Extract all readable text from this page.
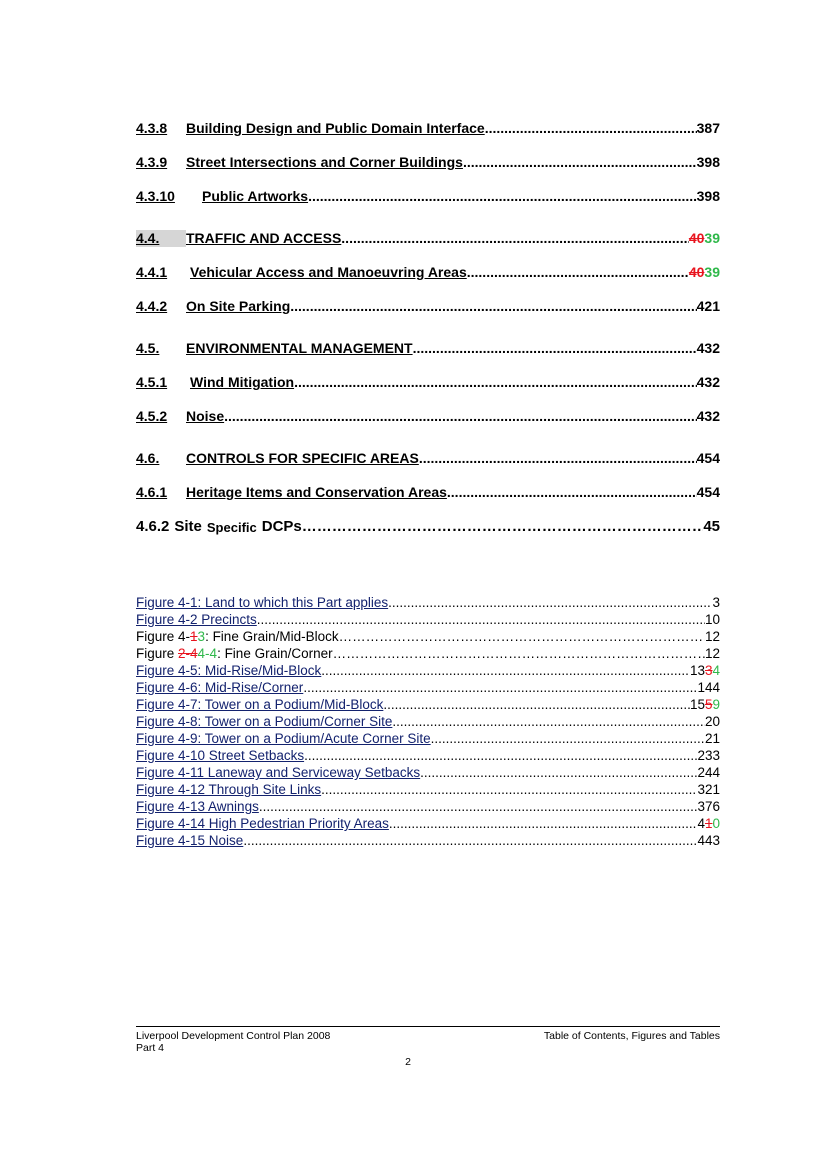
4.3.8	Building Design and Public Domain Interface .....	387
4.3.9	Street Intersections and Corner Buildings .....	398
4.3.10	Public Artworks .....	398
4.4.	TRAFFIC AND ACCESS .....	4039
4.4.1	Vehicular Access and Manoeuvring Areas .....	4039
4.4.2	On Site Parking .....	421
4.5.	ENVIRONMENTAL MANAGEMENT .....	432
4.5.1	Wind Mitigation .....	432
4.5.2	Noise .....	432
4.6.	CONTROLS FOR SPECIFIC AREAS .....	454
4.6.1	Heritage Items and Conservation Areas .....	454
4.6.2 Site Specific DCPs ……………………………………………………………………………………………………………………………………	45
Figure 4-1: Land to which this Part applies .....	3
Figure 4-2 Precincts .....	10
Figure 4-13: Fine Grain/Mid-Block ……………………………………………………………………………………………………………………………	12
Figure 2-44-4: Fine Grain/Corner ……………………………………………………………………………………………………………………………	12
Figure 4-5: Mid-Rise/Mid-Block .....	1334
Figure 4-6: Mid-Rise/Corner .....	144
Figure 4-7: Tower on a Podium/Mid-Block .....	1559
Figure 4-8: Tower on a Podium/Corner Site .....	20
Figure 4-9: Tower on a Podium/Acute Corner Site .....	21
Figure 4-10 Street Setbacks .....	233
Figure 4-11 Laneway and Serviceway Setbacks .....	244
Figure 4-12 Through Site Links .....	321
Figure 4-13 Awnings .....	376
Figure 4-14 High Pedestrian Priority Areas .....	410
Figure 4-15 Noise .....	443
Liverpool Development Control Plan 2008
Part 4
Table of Contents, Figures and Tables
2
